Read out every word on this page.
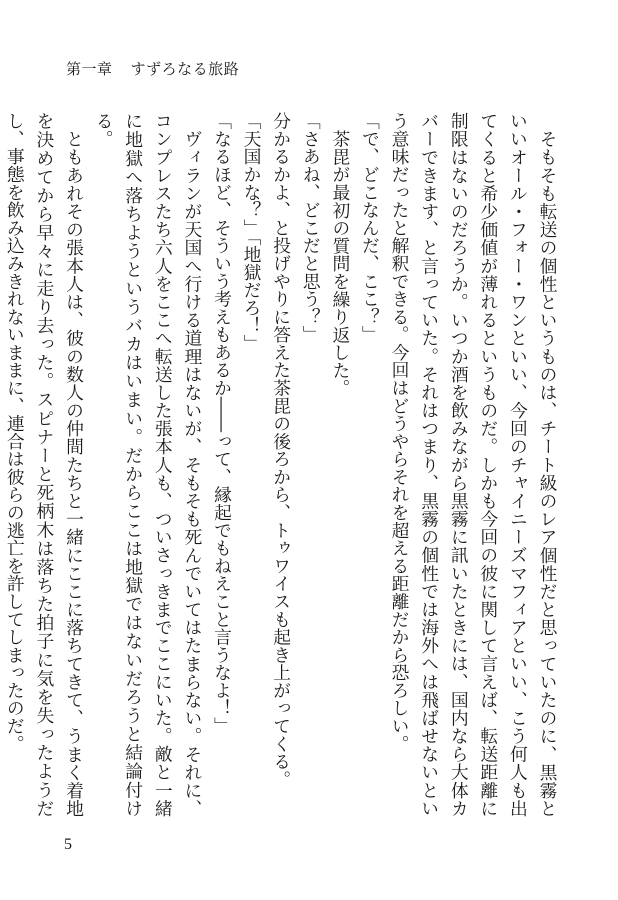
第一章 すずろなる旅路

そもそも転送の個性というものは、チート級のレア個性だと思っていたのに、黒霧といいオール・フォー・ワンといい、今回のチャイニーズマフィアといい、こう何人も出てくると希少価値が薄れるというものだ。しかも今回の彼に関して言えば、転送距離に制限はないのだろうか。いつか酒を飲みながら黒霧に訊いたときには、国内なら大体カバーできます、と言っていた。それはつまり、黒霧の個性では海外へは飛ばせないという意味だったと解釈できる。今回はどうやらそれを超える距離だから恐ろしい。

「で、どこなんだ、ここ？」

茶毘が最初の質問を繰り返した。

「さあね、どこだと思う？」

分かるかよ、と投げやりに答えた茶毘の後ろから、トゥワイスも起き上がってくる。

「天国かな？」「地獄だろ！」

「なるほど、そういう考えもあるか――って、縁起でもねえこと言うなよ！」

ヴィランが天国へ行ける道理はないが、そもそも死んでいてはたまらない。それに、コンプレスたち六人をここへ転送した張本人も、ついさっきまでここにいた。敵と一緒に地獄へ落ちようというバカはいまい。だからここは地獄ではないだろうと結論付ける。

ともあれその張本人は、彼の数人の仲間たちと一緒にここに落ちてきて、うまく着地を決めてから早々に走り去った。スピナーと死柄木は落ちた拍子に気を失ったようだし、事態を飲み込みきれないままに、連合は彼らの逃亡を許してしまったのだ。

5
